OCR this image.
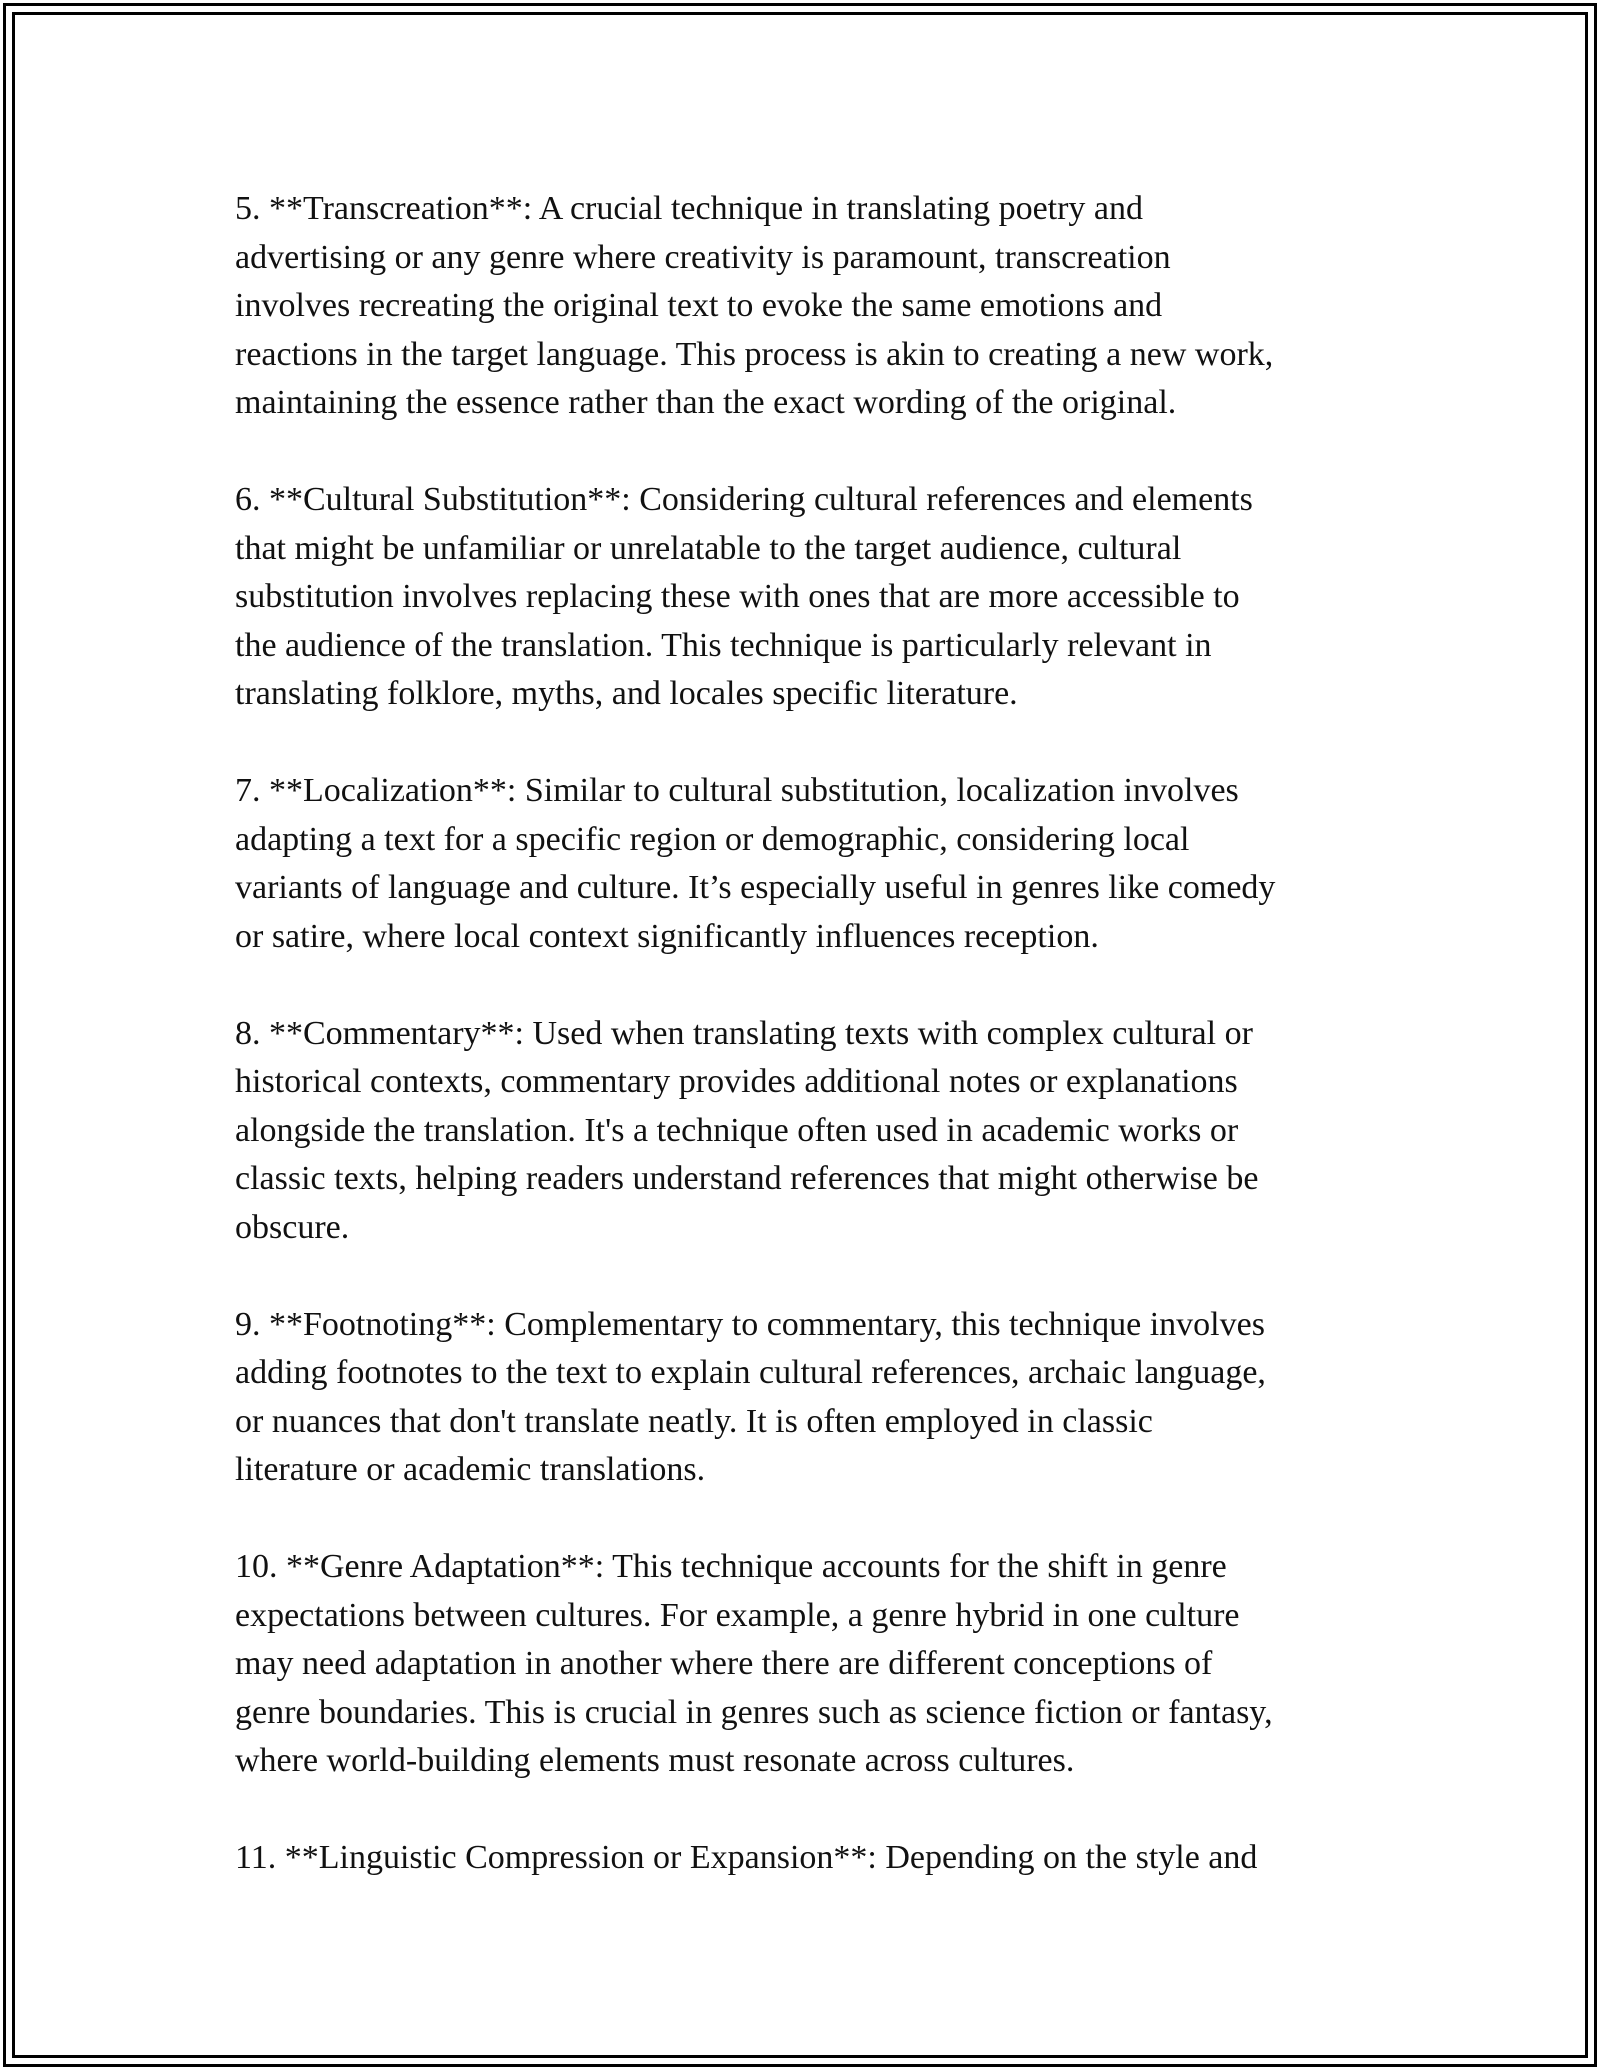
5. **Transcreation**: A crucial technique in translating poetry and
advertising or any genre where creativity is paramount, transcreation
involves recreating the original text to evoke the same emotions and
reactions in the target language. This process is akin to creating a new work,
maintaining the essence rather than the exact wording of the original.

6. **Cultural Substitution**: Considering cultural references and elements
that might be unfamiliar or unrelatable to the target audience, cultural
substitution involves replacing these with ones that are more accessible to
the audience of the translation. This technique is particularly relevant in
translating folklore, myths, and locales specific literature.

7. **Localization**: Similar to cultural substitution, localization involves
adapting a text for a specific region or demographic, considering local
variants of language and culture. It’s especially useful in genres like comedy
or satire, where local context significantly influences reception.

8. **Commentary**: Used when translating texts with complex cultural or
historical contexts, commentary provides additional notes or explanations
alongside the translation. It's a technique often used in academic works or
classic texts, helping readers understand references that might otherwise be
obscure.

9. **Footnoting**: Complementary to commentary, this technique involves
adding footnotes to the text to explain cultural references, archaic language,
or nuances that don't translate neatly. It is often employed in classic
literature or academic translations.

10. **Genre Adaptation**: This technique accounts for the shift in genre
expectations between cultures. For example, a genre hybrid in one culture
may need adaptation in another where there are different conceptions of
genre boundaries. This is crucial in genres such as science fiction or fantasy,
where world-building elements must resonate across cultures.

11. **Linguistic Compression or Expansion**: Depending on the style and
